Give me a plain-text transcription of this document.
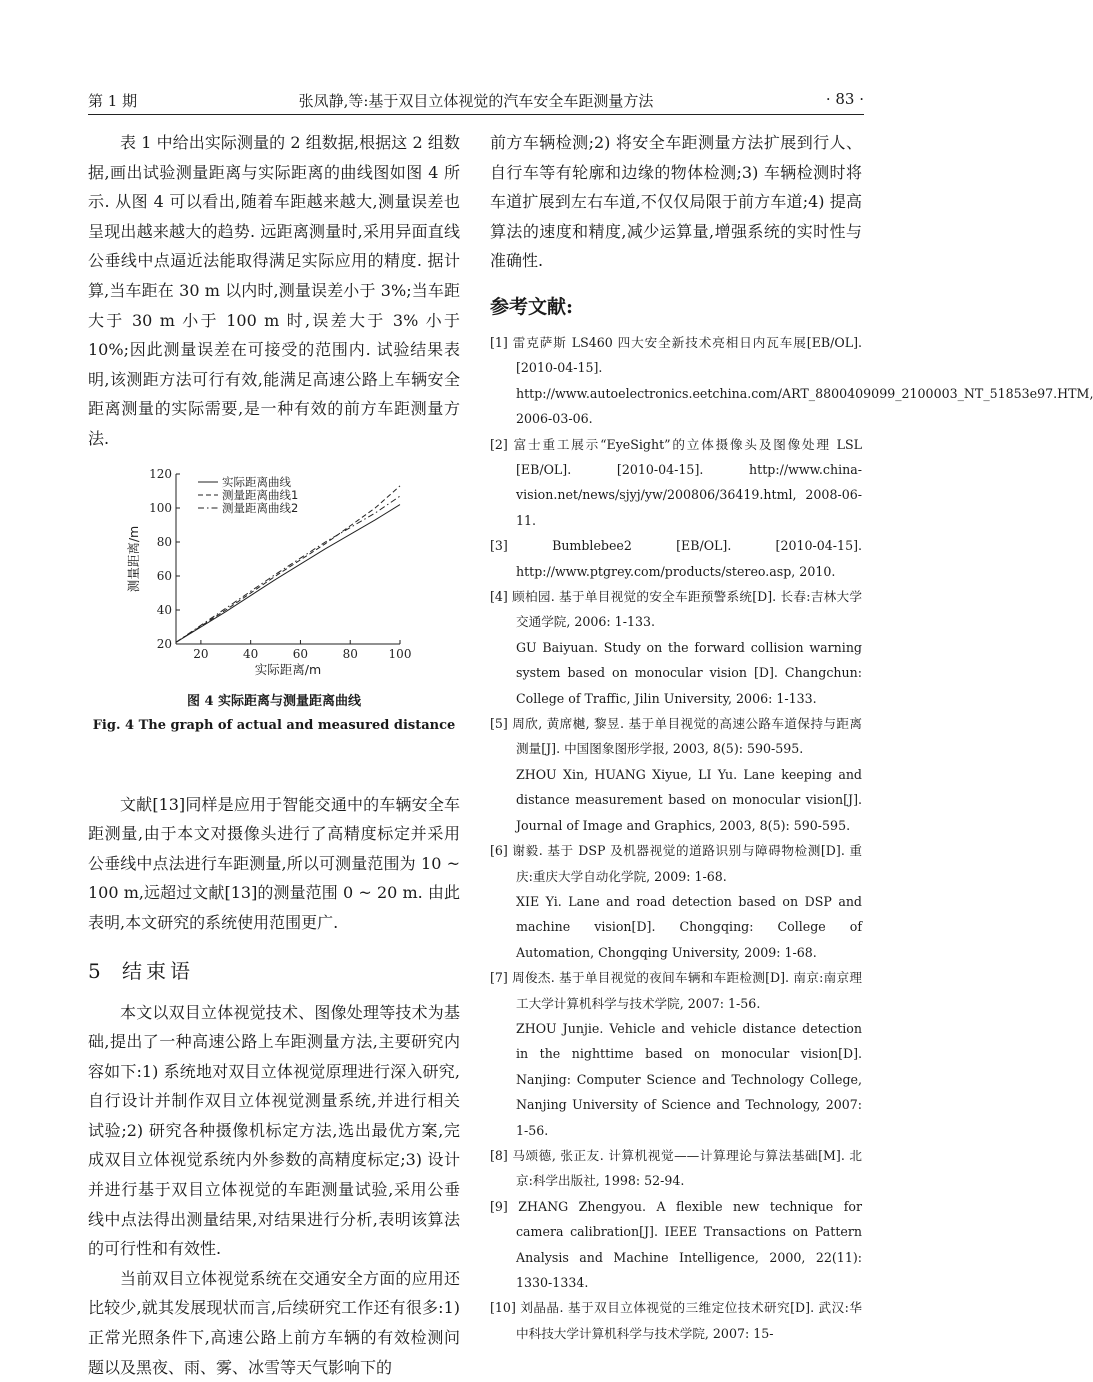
第 1 期	张凤静,等:基于双目立体视觉的汽车安全车距测量方法	· 83 ·

表 1 中给出实际测量的 2 组数据,根据这 2 组数据,画出试验测量距离与实际距离的曲线图如图 4 所示. 从图 4 可以看出,随着车距越来越大,测量误差也呈现出越来越大的趋势. 远距离测量时,采用异面直线公垂线中点逼近法能取得满足实际应用的精度. 据计算,当车距在 30 m 以内时,测量误差小于 3%;当车距大于 30 m 小于 100 m 时,误差大于 3% 小于 10%;因此测量误差在可接受的范围内. 试验结果表明,该测距方法可行有效,能满足高速公路上车辆安全距离测量的实际需要,是一种有效的前方车距测量方法.

20	40	60	80	100
20
40
60
80
100
120
实际距离/m
测量距离/m
实际距离曲线
测量距离曲线1
测量距离曲线2
图 4 实际距离与测量距离曲线
Fig. 4 The graph of actual and measured distance

文献[13]同样是应用于智能交通中的车辆安全车距测量,由于本文对摄像头进行了高精度标定并采用公垂线中点法进行车距测量,所以可测量范围为 10 ~ 100 m,远超过文献[13]的测量范围 0 ~ 20 m. 由此表明,本文研究的系统使用范围更广.

5 结束语

本文以双目立体视觉技术、图像处理等技术为基础,提出了一种高速公路上车距测量方法,主要研究内容如下:1) 系统地对双目立体视觉原理进行深入研究,自行设计并制作双目立体视觉测量系统,并进行相关试验;2) 研究各种摄像机标定方法,选出最优方案,完成双目立体视觉系统内外参数的高精度标定;3) 设计并进行基于双目立体视觉的车距测量试验,采用公垂线中点法得出测量结果,对结果进行分析,表明该算法的可行性和有效性.

当前双目立体视觉系统在交通安全方面的应用还比较少,就其发展现状而言,后续研究工作还有很多:1) 正常光照条件下,高速公路上前方车辆的有效检测问题以及黑夜、雨、雾、冰雪等天气影响下的

前方车辆检测;2) 将安全车距测量方法扩展到行人、自行车等有轮廓和边缘的物体检测;3) 车辆检测时将车道扩展到左右车道,不仅仅局限于前方车道;4) 提高算法的速度和精度,减少运算量,增强系统的实时性与准确性.

参考文献:
[1] 雷克萨斯 LS460 四大安全新技术亮相日内瓦车展[EB/OL]. [2010-04-15]. http://www.autoelectronics.eetchina.com/ART_8800409099_2100003_NT_51853e97.HTM, 2006-03-06.
[2] 富士重工展示“EyeSight”的立体摄像头及图像处理 LSL [EB/OL]. [2010-04-15]. http://www.china-vision.net/news/sjyj/yw/200806/36419.html, 2008-06-11.
[3] Bumblebee2 [EB/OL]. [2010-04-15]. http://www.ptgrey.com/products/stereo.asp, 2010.
[4] 顾柏园. 基于单目视觉的安全车距预警系统[D]. 长春:吉林大学交通学院, 2006: 1-133.
GU Baiyuan. Study on the forward collision warning system based on monocular vision [D]. Changchun: College of Traffic, Jilin University, 2006: 1-133.
[5] 周欣, 黄席樾, 黎昱. 基于单目视觉的高速公路车道保持与距离测量[J]. 中国图象图形学报, 2003, 8(5): 590-595.
ZHOU Xin, HUANG Xiyue, LI Yu. Lane keeping and distance measurement based on monocular vision[J]. Journal of Image and Graphics, 2003, 8(5): 590-595.
[6] 谢毅. 基于 DSP 及机器视觉的道路识别与障碍物检测[D]. 重庆:重庆大学自动化学院, 2009: 1-68.
XIE Yi. Lane and road detection based on DSP and machine vision[D]. Chongqing: College of Automation, Chongqing University, 2009: 1-68.
[7] 周俊杰. 基于单目视觉的夜间车辆和车距检测[D]. 南京:南京理工大学计算机科学与技术学院, 2007: 1-56.
ZHOU Junjie. Vehicle and vehicle distance detection in the nighttime based on monocular vision[D]. Nanjing: Computer Science and Technology College, Nanjing University of Science and Technology, 2007: 1-56.
[8] 马颂德, 张正友. 计算机视觉——计算理论与算法基础[M]. 北京:科学出版社, 1998: 52-94.
[9] ZHANG Zhengyou. A flexible new technique for camera calibration[J]. IEEE Transactions on Pattern Analysis and Machine Intelligence, 2000, 22(11): 1330-1334.
[10] 刘晶晶. 基于双目立体视觉的三维定位技术研究[D]. 武汉:华中科技大学计算机科学与技术学院, 2007: 15-
